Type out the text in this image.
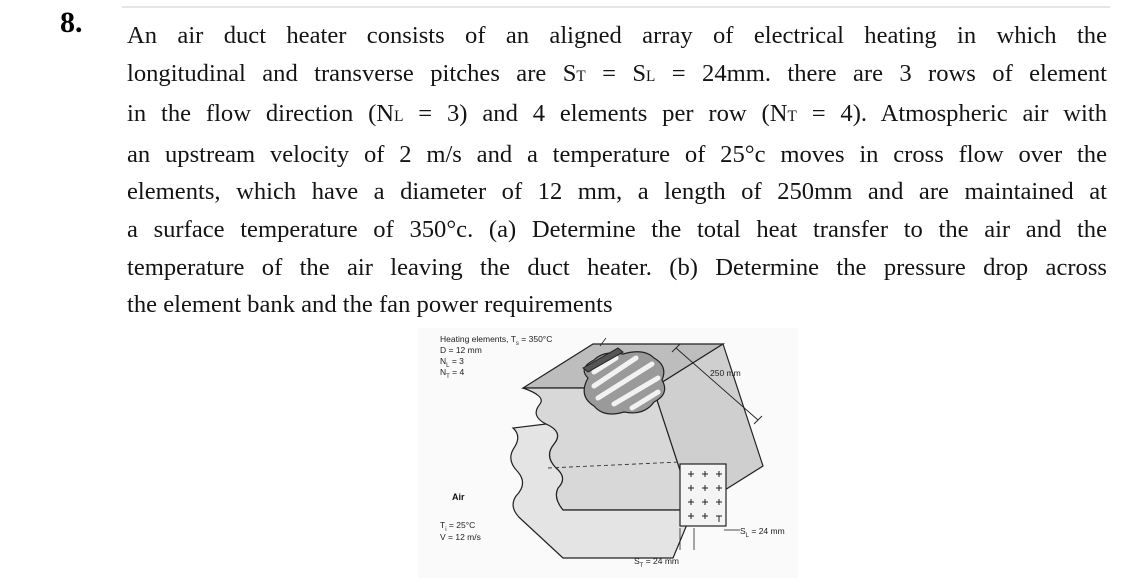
8. An air duct heater consists of an aligned array of electrical heating in which the
longitudinal and transverse pitches are ST = SL = 24mm. there are 3 rows of element
in the flow direction (NL = 3) and 4 elements per row (NT = 4). Atmospheric air with
an upstream velocity of 2 m/s and a temperature of 25°c moves in cross flow over the
elements, which have a diameter of 12 mm, a length of 250mm and are maintained at
a surface temperature of 350°c. (a) Determine the total heat transfer to the air and the
temperature of the air leaving the duct heater. (b) Determine the pressure drop across
the element bank and the fan power requirements
Heating elements, $T_s = 350^\circ C$
D = 12 mm
$N_L = 3$
$N_T = 4$	250 mm
Air
$T_i = 25^\circ C$
V = 12 m/s
$S_L = 24$ mm
$S_T = 24$ mm
